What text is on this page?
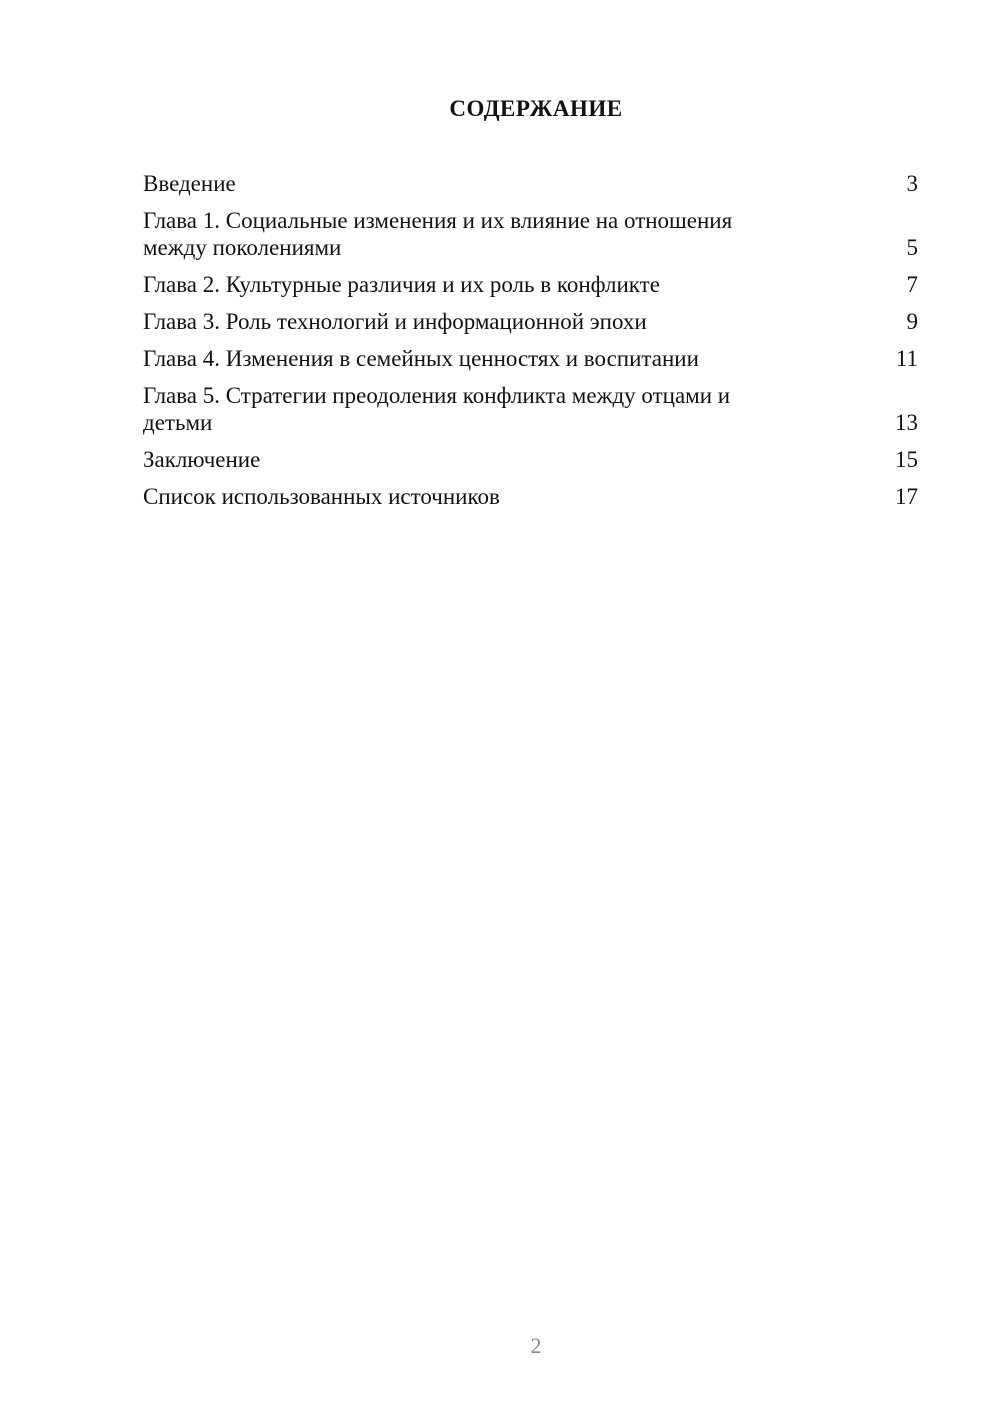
СОДЕРЖАНИЕ
Введение	3
Глава 1. Социальные изменения и их влияние на отношения между поколениями	5
Глава 2. Культурные различия и их роль в конфликте	7
Глава 3. Роль технологий и информационной эпохи	9
Глава 4. Изменения в семейных ценностях и воспитании	11
Глава 5. Стратегии преодоления конфликта между отцами и детьми	13
Заключение	15
Список использованных источников	17
2
